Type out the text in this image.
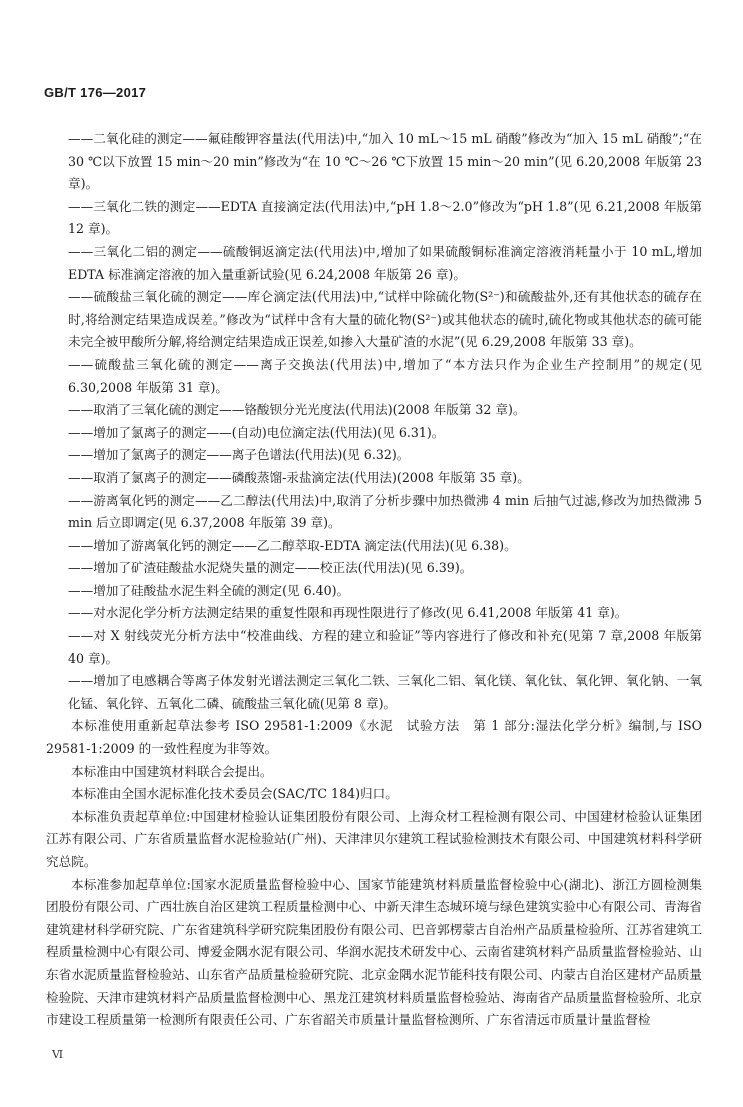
GB/T 176—2017
——二氧化硅的测定——氟硅酸钾容量法(代用法)中,“加入 10 mL～15 mL 硝酸”修改为“加入 15 mL 硝酸”;“在 30 ℃以下放置 15 min～20 min”修改为“在 10 ℃～26 ℃下放置 15 min～20 min”(见 6.20,2008 年版第 23 章)。
——三氧化二铁的测定——EDTA 直接滴定法(代用法)中,“pH 1.8～2.0”修改为“pH 1.8”(见 6.21,2008 年版第 12 章)。
——三氧化二铝的测定——硫酸铜返滴定法(代用法)中,增加了如果硫酸铜标准滴定溶液消耗量小于 10 mL,增加 EDTA 标准滴定溶液的加入量重新试验(见 6.24,2008 年版第 26 章)。
——硫酸盐三氧化硫的测定——库仑滴定法(代用法)中,“试样中除硫化物(S²⁻)和硫酸盐外,还有其他状态的硫存在时,将给测定结果造成误差。”修改为“试样中含有大量的硫化物(S²⁻)或其他状态的硫时,硫化物或其他状态的硫可能未完全被甲酸所分解,将给测定结果造成正误差,如掺入大量矿渣的水泥”(见 6.29,2008 年版第 33 章)。
——硫酸盐三氧化硫的测定——离子交换法(代用法)中,增加了“本方法只作为企业生产控制用”的规定(见 6.30,2008 年版第 31 章)。
——取消了三氧化硫的测定——铬酸钡分光光度法(代用法)(2008 年版第 32 章)。
——增加了氯离子的测定——(自动)电位滴定法(代用法)(见 6.31)。
——增加了氯离子的测定——离子色谱法(代用法)(见 6.32)。
——取消了氯离子的测定——磷酸蒸馏-汞盐滴定法(代用法)(2008 年版第 35 章)。
——游离氧化钙的测定——乙二醇法(代用法)中,取消了分析步骤中加热微沸 4 min 后抽气过滤,修改为加热微沸 5 min 后立即调定(见 6.37,2008 年版第 39 章)。
——增加了游离氧化钙的测定——乙二醇萃取-EDTA 滴定法(代用法)(见 6.38)。
——增加了矿渣硅酸盐水泥烧失量的测定——校正法(代用法)(见 6.39)。
——增加了硅酸盐水泥生料全硫的测定(见 6.40)。
——对水泥化学分析方法测定结果的重复性限和再现性限进行了修改(见 6.41,2008 年版第 41 章)。
——对 X 射线荧光分析方法中“校准曲线、方程的建立和验证”等内容进行了修改和补充(见第 7 章,2008 年版第 40 章)。
——增加了电感耦合等离子体发射光谱法测定三氧化二铁、三氧化二铝、氧化镁、氧化钛、氧化钾、氧化钠、一氧化锰、氧化锌、五氧化二磷、硫酸盐三氧化硫(见第 8 章)。
本标准使用重新起草法参考 ISO 29581-1:2009《水泥　试验方法　第 1 部分:湿法化学分析》编制,与 ISO 29581-1:2009 的一致性程度为非等效。
本标准由中国建筑材料联合会提出。
本标准由全国水泥标准化技术委员会(SAC/TC 184)归口。
本标准负责起草单位:中国建材检验认证集团股份有限公司、上海众材工程检测有限公司、中国建材检验认证集团江苏有限公司、广东省质量监督水泥检验站(广州)、天津津贝尔建筑工程试验检测技术有限公司、中国建筑材料科学研究总院。
本标准参加起草单位:国家水泥质量监督检验中心、国家节能建筑材料质量监督检验中心(湖北)、浙江方圆检测集团股份有限公司、广西壮族自治区建筑工程质量检测中心、中新天津生态城环境与绿色建筑实验中心有限公司、青海省建筑建材科学研究院、广东省建筑科学研究院集团股份有限公司、巴音郭楞蒙古自治州产品质量检验所、江苏省建筑工程质量检测中心有限公司、博爱金隅水泥有限公司、华润水泥技术研发中心、云南省建筑材料产品质量监督检验站、山东省水泥质量监督检验站、山东省产品质量检验研究院、北京金隅水泥节能科技有限公司、内蒙古自治区建材产品质量检验院、天津市建筑材料产品质量监督检测中心、黑龙江建筑材料质量监督检验站、海南省产品质量监督检验所、北京市建设工程质量第一检测所有限责任公司、广东省韶关市质量计量监督检测所、广东省清远市质量计量监督检
Ⅵ
